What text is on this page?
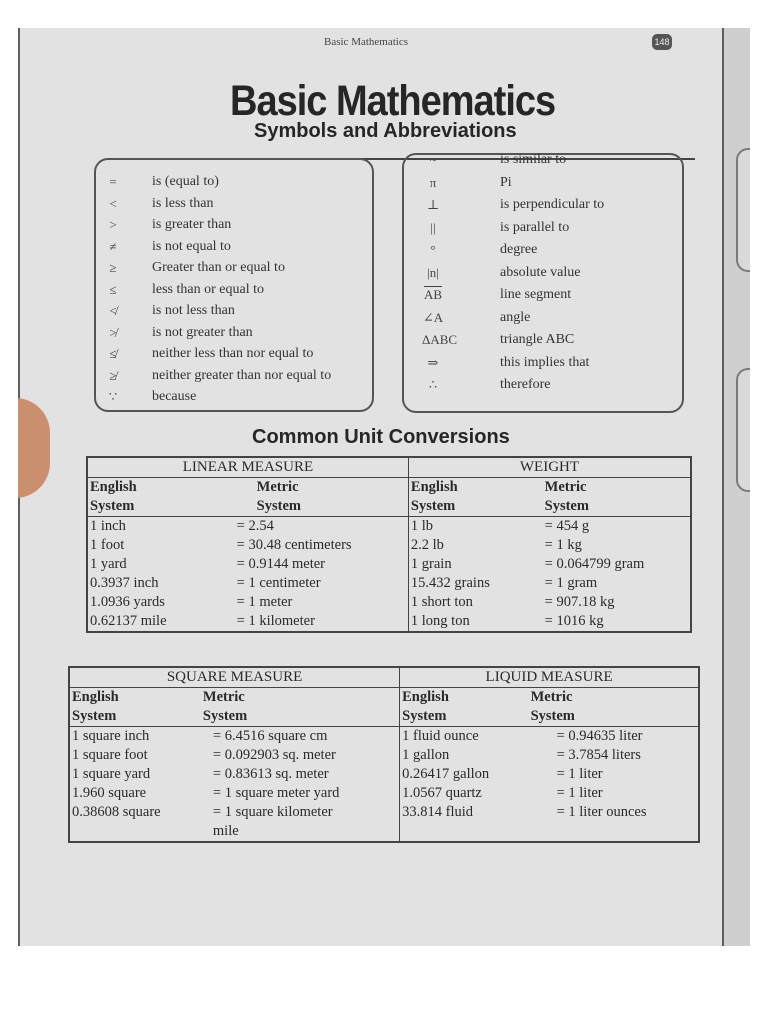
Basic Mathematics	148
Basic Mathematics
Symbols and Abbreviations
=	is (equal to)
<	is less than
>	is greater than
≠	is not equal to
≥	Greater than or equal to
≤	less than or equal to
≮	is not less than
≯	is not greater than
≰	neither less than nor equal to
≱	neither greater than nor equal to
∵	because
~	is similar to
π	Pi
⊥	is perpendicular to
||	is parallel to
°	degree
|n|	absolute value
$\overline{AB}$	line segment
∠A	angle
ΔABC	triangle ABC
⇒	this implies that
∴	therefore
Common Unit Conversions
LINEAR MEASURE		WEIGHT	
English	Metric	English	Metric
System	System	System	System
1 inch	= 2.54	1 lb	= 454 g
1 foot	= 30.48 centimeters	2.2 lb	= 1 kg
1 yard	= 0.9144 meter	1 grain	= 0.064799 gram
0.3937 inch	= 1 centimeter	15.432 grains	= 1 gram
1.0936 yards	= 1 meter	1 short ton	= 907.18 kg
0.62137 mile	= 1 kilometer	1 long ton	= 1016 kg
SQUARE MEASURE		LIQUID MEASURE	
English	Metric	English	Metric
System	System	System	System
1 square inch	= 6.4516 square cm	1 fluid ounce	= 0.94635 liter
1 square foot	= 0.092903 sq. meter	1 gallon	= 3.7854 liters
1 square yard	= 0.83613 sq. meter	0.26417 gallon	= 1 liter
1.960 square	= 1 square meter yard	1.0567 quartz	= 1 liter
0.38608 square	= 1 square kilometer	33.814 fluid	= 1 liter ounces
	mile		
